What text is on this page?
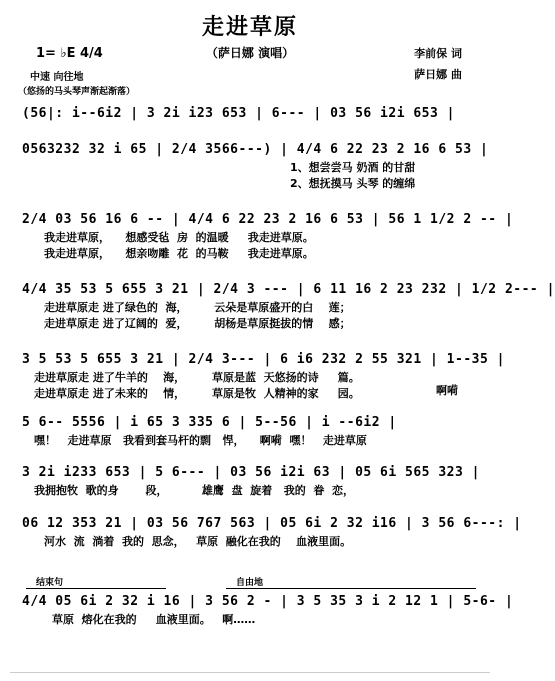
走进草原
（萨日娜 演唱）	李前保 词
萨日娜 曲
1= ♭E 4/4
中速 向往地
（悠扬的马头琴声渐起渐落）
(56|: i--6i2 | 3 2i i23 653 | 6--- | 03 56 i2i 653 |
0563232 32 i 65 | 2/4 3566---) | 4/4 6 22 23 2 16 6 53 |
1、想尝尝马 奶酒 的甘甜
2、想抚摸马 头琴 的缠绵
2/4 03 56 16 6 -- | 4/4 6 22 23 2 16 6 53 | 56 1 1/2 2 -- |
我走进草原，    想感受毡  房  的温暖     我走进草原。
我走进草原，    想亲吻雕  花  的马鞍     我走进草原。
4/4 35 53 5 655 3 21 | 2/4 3 --- | 6 11 16 2 23 232 | 1/2 2--- |
走进草原走 进了绿色的  海，       云朵是草原盛开的白    莲；
走进草原走 进了辽阔的  爱，       胡杨是草原挺拔的情    感；
3 5 53 5 655 3 21 | 2/4 3--- | 6 i6 232 2 55 321 | 1--35 |
走进草原走 进了牛羊的    海，       草原是蓝  天悠扬的诗     篇。
走进草原走 进了未来的    情，       草原是牧  人精神的家     园。	啊嗬
5 6-- 5556 | i 65 3 335 6 | 5--56 | i --6i2 |
嘿！   走进草原   我看到套马杆的剽   悍，    啊嗬  嘿！   走进草原
3 2i i233 653 | 5 6--- | 03 56 i2i 63 | 05 6i 565 323 |
我拥抱牧  歌的身       段，         雄鹰  盘  旋着   我的  眷  恋，
06 12 353 21 | 03 56 767 563 | 05 6i 2 32 i16 | 3 56 6---: |
河水  流  淌着  我的  思念，   草原  融化在我的    血液里面。
结束句	自由地
4/4 05 6i 2 32 i 16 | 3 56 2 - | 3 5 35 3 i 2 12 1 | 5-6- |
草原  熔化在我的     血液里面。   啊……
